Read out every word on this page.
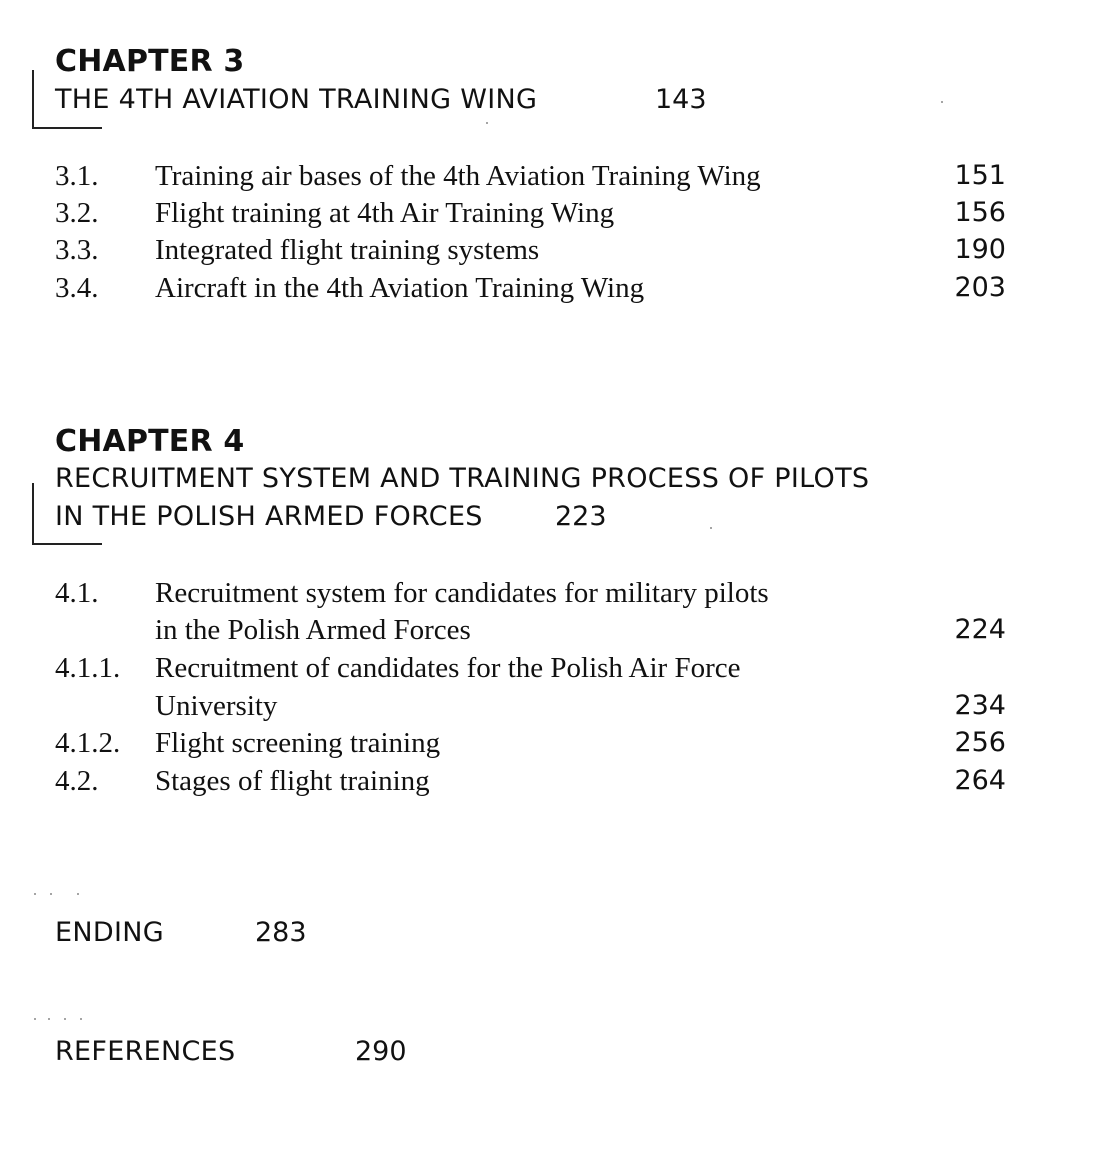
CHAPTER 3
THE 4TH AVIATION TRAINING WING	143
3.1. Training air bases of the 4th Aviation Training Wing	151
3.2. Flight training at 4th Air Training Wing	156
3.3. Integrated flight training systems	190
3.4. Aircraft in the 4th Aviation Training Wing	203
CHAPTER 4
RECRUITMENT SYSTEM AND TRAINING PROCESS OF PILOTS
IN THE POLISH ARMED FORCES	223
4.1. Recruitment system for candidates for military pilots
in the Polish Armed Forces	224
4.1.1. Recruitment of candidates for the Polish Air Force
University	234
4.1.2. Flight screening training	256
4.2. Stages of flight training	264
ENDING	283
REFERENCES	290
